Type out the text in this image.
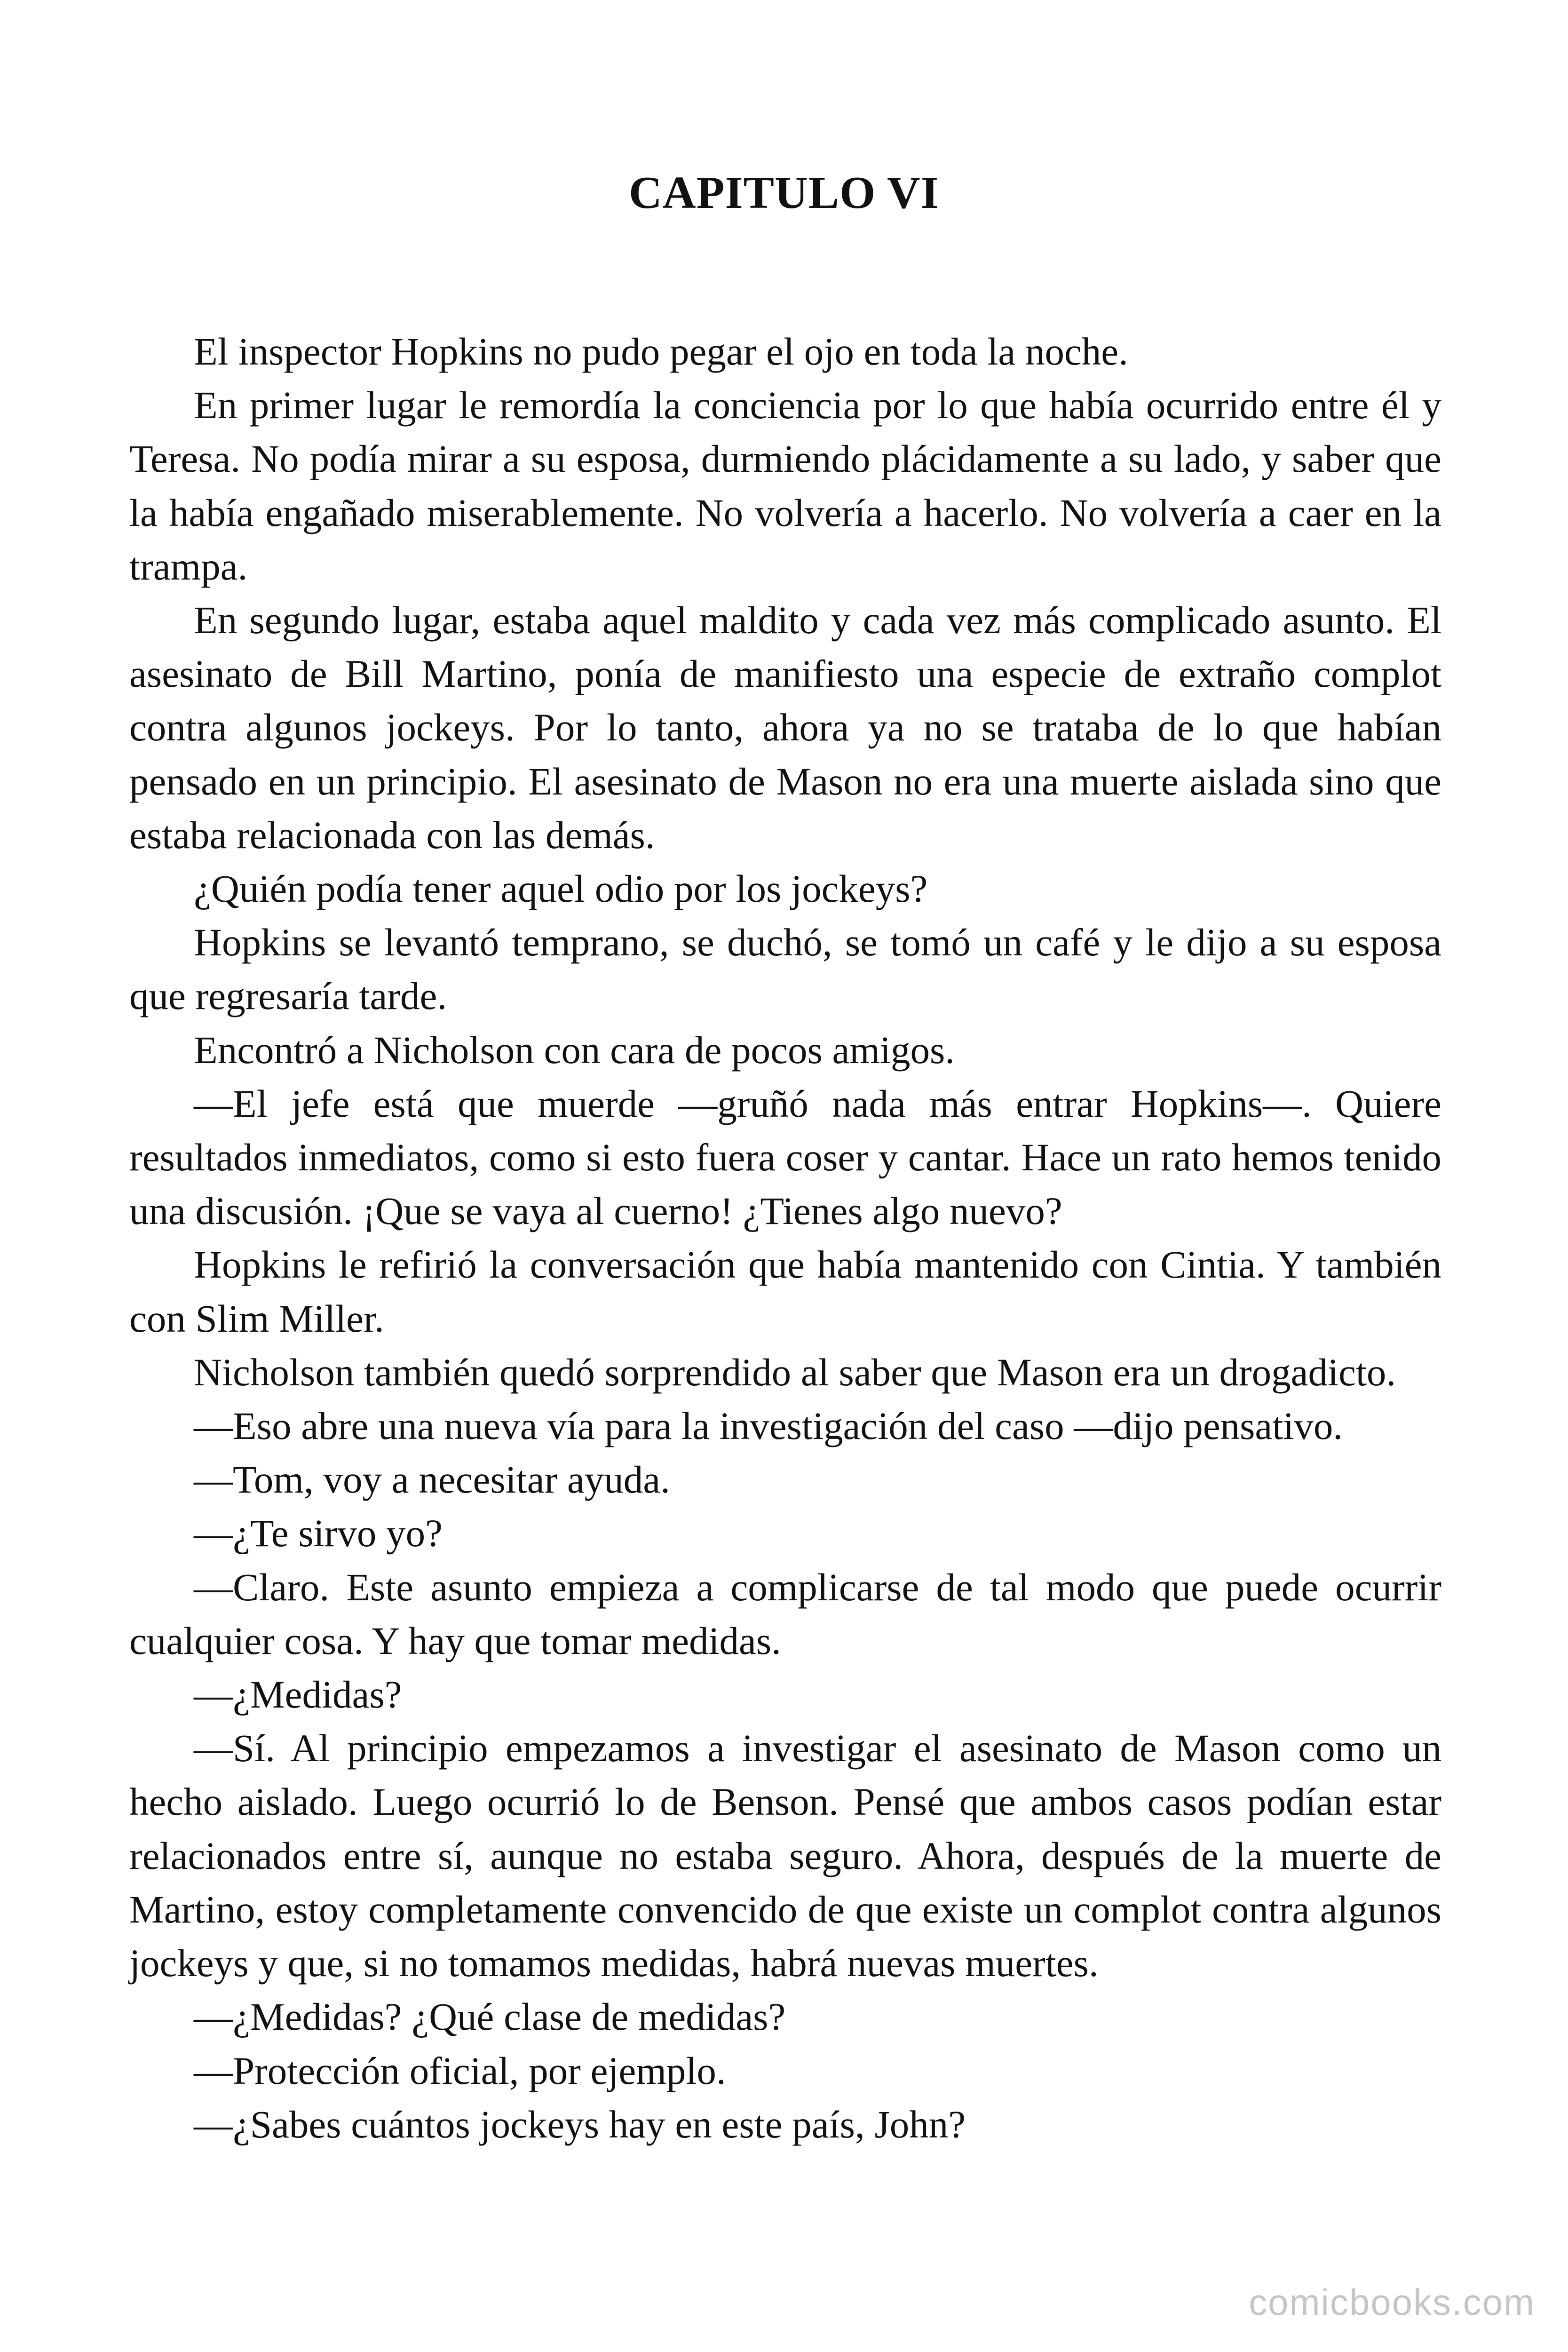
CAPITULO VI

El inspector Hopkins no pudo pegar el ojo en toda la noche.

En primer lugar le remordía la conciencia por lo que había ocurrido entre él y Teresa. No podía mirar a su esposa, durmiendo plácidamente a su lado, y saber que la había engañado miserablemente. No volvería a hacerlo. No volvería a caer en la trampa.

En segundo lugar, estaba aquel maldito y cada vez más complicado asunto. El asesinato de Bill Martino, ponía de manifiesto una especie de extraño complot contra algunos jockeys. Por lo tanto, ahora ya no se trataba de lo que habían pensado en un principio. El asesinato de Mason no era una muerte aislada sino que estaba relacionada con las demás.

¿Quién podía tener aquel odio por los jockeys?

Hopkins se levantó temprano, se duchó, se tomó un café y le dijo a su esposa que regresaría tarde.

Encontró a Nicholson con cara de pocos amigos.

—El jefe está que muerde —gruñó nada más entrar Hopkins—. Quiere resultados inmediatos, como si esto fuera coser y cantar. Hace un rato hemos tenido una discusión. ¡Que se vaya al cuerno! ¿Tienes algo nuevo?

Hopkins le refirió la conversación que había mantenido con Cintia. Y también con Slim Miller.

Nicholson también quedó sorprendido al saber que Mason era un drogadicto.

—Eso abre una nueva vía para la investigación del caso —dijo pensativo.

—Tom, voy a necesitar ayuda.

—¿Te sirvo yo?

—Claro. Este asunto empieza a complicarse de tal modo que puede ocurrir cualquier cosa. Y hay que tomar medidas.

—¿Medidas?

—Sí. Al principio empezamos a investigar el asesinato de Mason como un hecho aislado. Luego ocurrió lo de Benson. Pensé que ambos casos podían estar relacionados entre sí, aunque no estaba seguro. Ahora, después de la muerte de Martino, estoy completamente convencido de que existe un complot contra algunos jockeys y que, si no tomamos medidas, habrá nuevas muertes.

—¿Medidas? ¿Qué clase de medidas?

—Protección oficial, por ejemplo.

—¿Sabes cuántos jockeys hay en este país, John?

comicbooks.com
